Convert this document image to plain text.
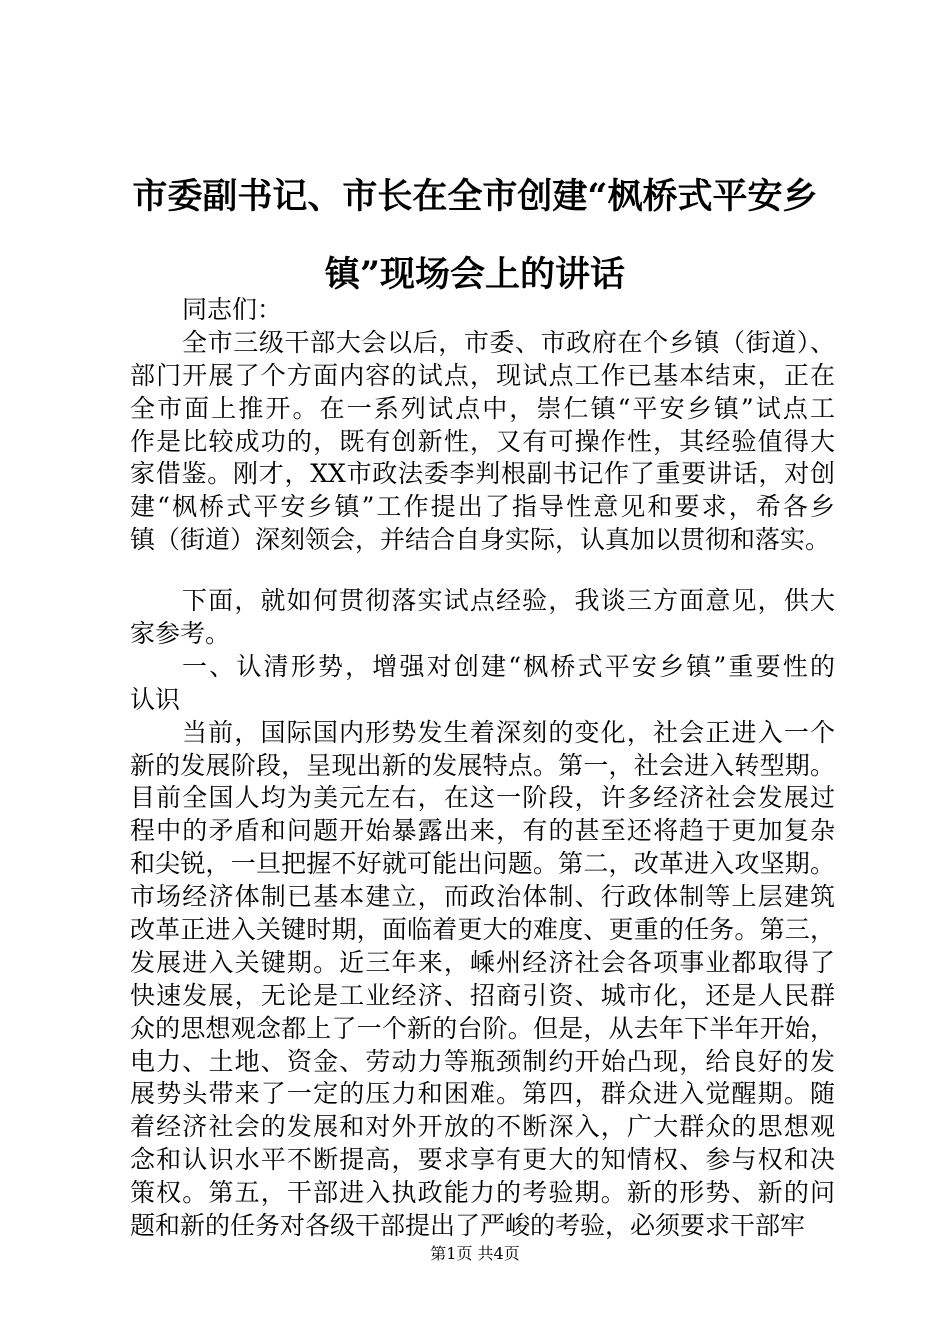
市委副书记、市长在全市创建“枫桥式平安乡
镇”现场会上的讲话
同志们：
全市三级干部大会以后，市委、市政府在个乡镇（街道）、
部门开展了个方面内容的试点，现试点工作已基本结束，正在
全市面上推开。在一系列试点中，崇仁镇“平安乡镇”试点工
作是比较成功的，既有创新性，又有可操作性，其经验值得大
家借鉴。刚才，XX市政法委李判根副书记作了重要讲话，对创
建“枫桥式平安乡镇”工作提出了指导性意见和要求，希各乡
镇（街道）深刻领会，并结合自身实际，认真加以贯彻和落实。
下面，就如何贯彻落实试点经验，我谈三方面意见，供大
家参考。
一、认清形势，增强对创建“枫桥式平安乡镇”重要性的
认识
当前，国际国内形势发生着深刻的变化，社会正进入一个
新的发展阶段，呈现出新的发展特点。第一，社会进入转型期。
目前全国人均为美元左右，在这一阶段，许多经济社会发展过
程中的矛盾和问题开始暴露出来，有的甚至还将趋于更加复杂
和尖锐，一旦把握不好就可能出问题。第二，改革进入攻坚期。
市场经济体制已基本建立，而政治体制、行政体制等上层建筑
改革正进入关键时期，面临着更大的难度、更重的任务。第三，
发展进入关键期。近三年来，嵊州经济社会各项事业都取得了
快速发展，无论是工业经济、招商引资、城市化，还是人民群
众的思想观念都上了一个新的台阶。但是，从去年下半年开始，
电力、土地、资金、劳动力等瓶颈制约开始凸现，给良好的发
展势头带来了一定的压力和困难。第四，群众进入觉醒期。随
着经济社会的发展和对外开放的不断深入，广大群众的思想观
念和认识水平不断提高，要求享有更大的知情权、参与权和决
策权。第五，干部进入执政能力的考验期。新的形势、新的问
题和新的任务对各级干部提出了严峻的考验，必须要求干部牢
第1页 共4页
